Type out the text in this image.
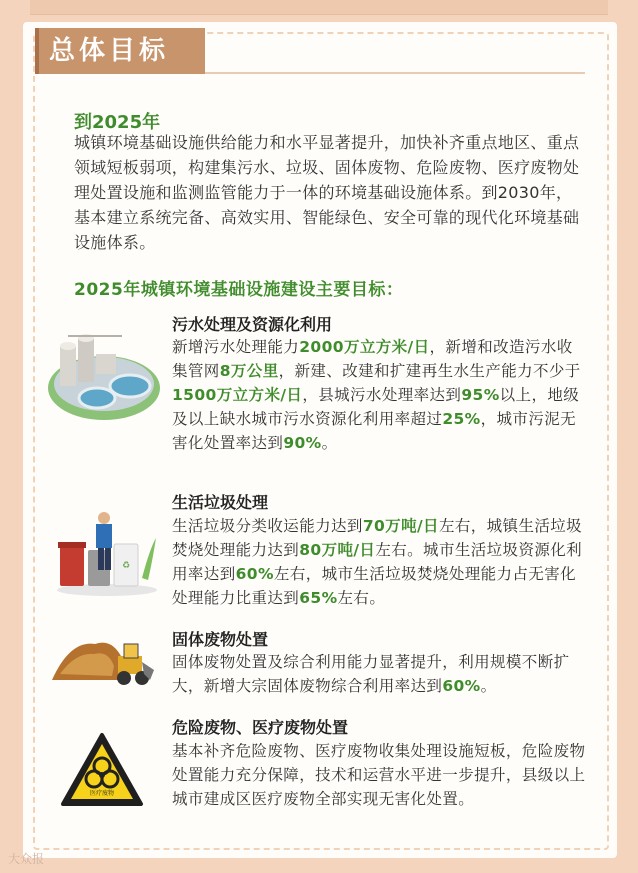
总体目标
到2025年
城镇环境基础设施供给能力和水平显著提升，加快补齐重点地区、重点领域短板弱项，构建集污水、垃圾、固体废物、危险废物、医疗废物处理处置设施和监测监管能力于一体的环境基础设施体系。到2030年，基本建立系统完备、高效实用、智能绿色、安全可靠的现代化环境基础设施体系。
2025年城镇环境基础设施建设主要目标：
污水处理及资源化利用
新增污水处理能力2000万立方米/日，新增和改造污水收集管网8万公里，新建、改建和扩建再生水生产能力不少于1500万立方米/日，县城污水处理率达到95%以上，地级及以上缺水城市污水资源化利用率超过25%，城市污泥无害化处置率达到90%。
♻
生活垃圾处理
生活垃圾分类收运能力达到70万吨/日左右，城镇生活垃圾焚烧处理能力达到80万吨/日左右。城市生活垃圾资源化利用率达到60%左右，城市生活垃圾焚烧处理能力占无害化处理能力比重达到65%左右。
固体废物处置
固体废物处置及综合利用能力显著提升，利用规模不断扩大，新增大宗固体废物综合利用率达到60%。
医疗废物
危险废物、医疗废物处置
基本补齐危险废物、医疗废物收集处理设施短板，危险废物处置能力充分保障，技术和运营水平进一步提升，县级以上城市建成区医疗废物全部实现无害化处置。
大众报
